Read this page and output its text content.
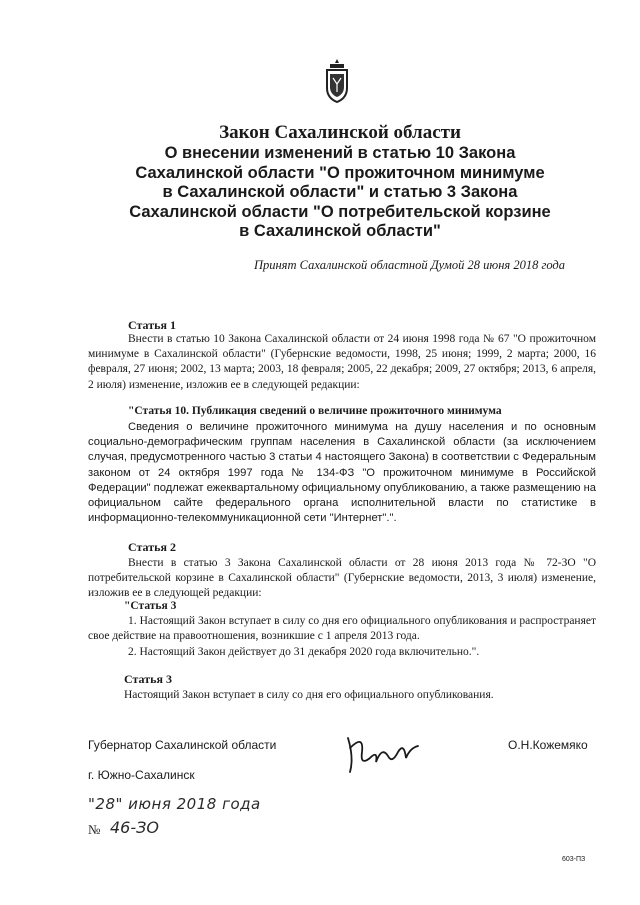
Закон Сахалинской области
О внесении изменений в статью 10 Закона
Сахалинской области "О прожиточном минимуме
в Сахалинской области" и статью 3 Закона
Сахалинской области "О потребительской корзине
в Сахалинской области"
Принят Сахалинской областной Думой 28 июня 2018 года
Статья 1
Внести в статью 10 Закона Сахалинской области от 24 июня 1998 года № 67 "О прожиточном минимуме в Сахалинской области" (Губернские ведомости, 1998, 25 июня; 1999, 2 марта; 2000, 16 февраля, 27 июня; 2002, 13 марта; 2003, 18 февраля; 2005, 22 декабря; 2009, 27 октября; 2013, 6 апреля, 2 июля) изменение, изложив ее в следующей редакции:
"Статья 10. Публикация сведений о величине прожиточного минимума
Сведения о величине прожиточного минимума на душу населения и по основным социально-демографическим группам населения в Сахалинской области (за исключением случая, предусмотренного частью 3 статьи 4 настоящего Закона) в соответствии с Федеральным законом от 24 октября 1997 года № 134-ФЗ "О прожиточном минимуме в Российской Федерации" подлежат ежеквартальному официальному опубликованию, а также размещению на официальном сайте федерального органа исполнительной власти по статистике в информационно-телекоммуникационной сети "Интернет".".
Статья 2
Внести в статью 3 Закона Сахалинской области от 28 июня 2013 года № 72-ЗО "О потребительской корзине в Сахалинской области" (Губернские ведомости, 2013, 3 июля) изменение, изложив ее в следующей редакции:
"Статья 3
1. Настоящий Закон вступает в силу со дня его официального опубликования и распространяет свое действие на правоотношения, возникшие с 1 апреля 2013 года.
2. Настоящий Закон действует до 31 декабря 2020 года включительно.".
Статья 3
Настоящий Закон вступает в силу со дня его официального опубликования.
Губернатор Сахалинской области	О.Н.Кожемяко
г. Южно-Сахалинск
"28" июня 2018 года
№ 46-ЗО
603-ПЗ
